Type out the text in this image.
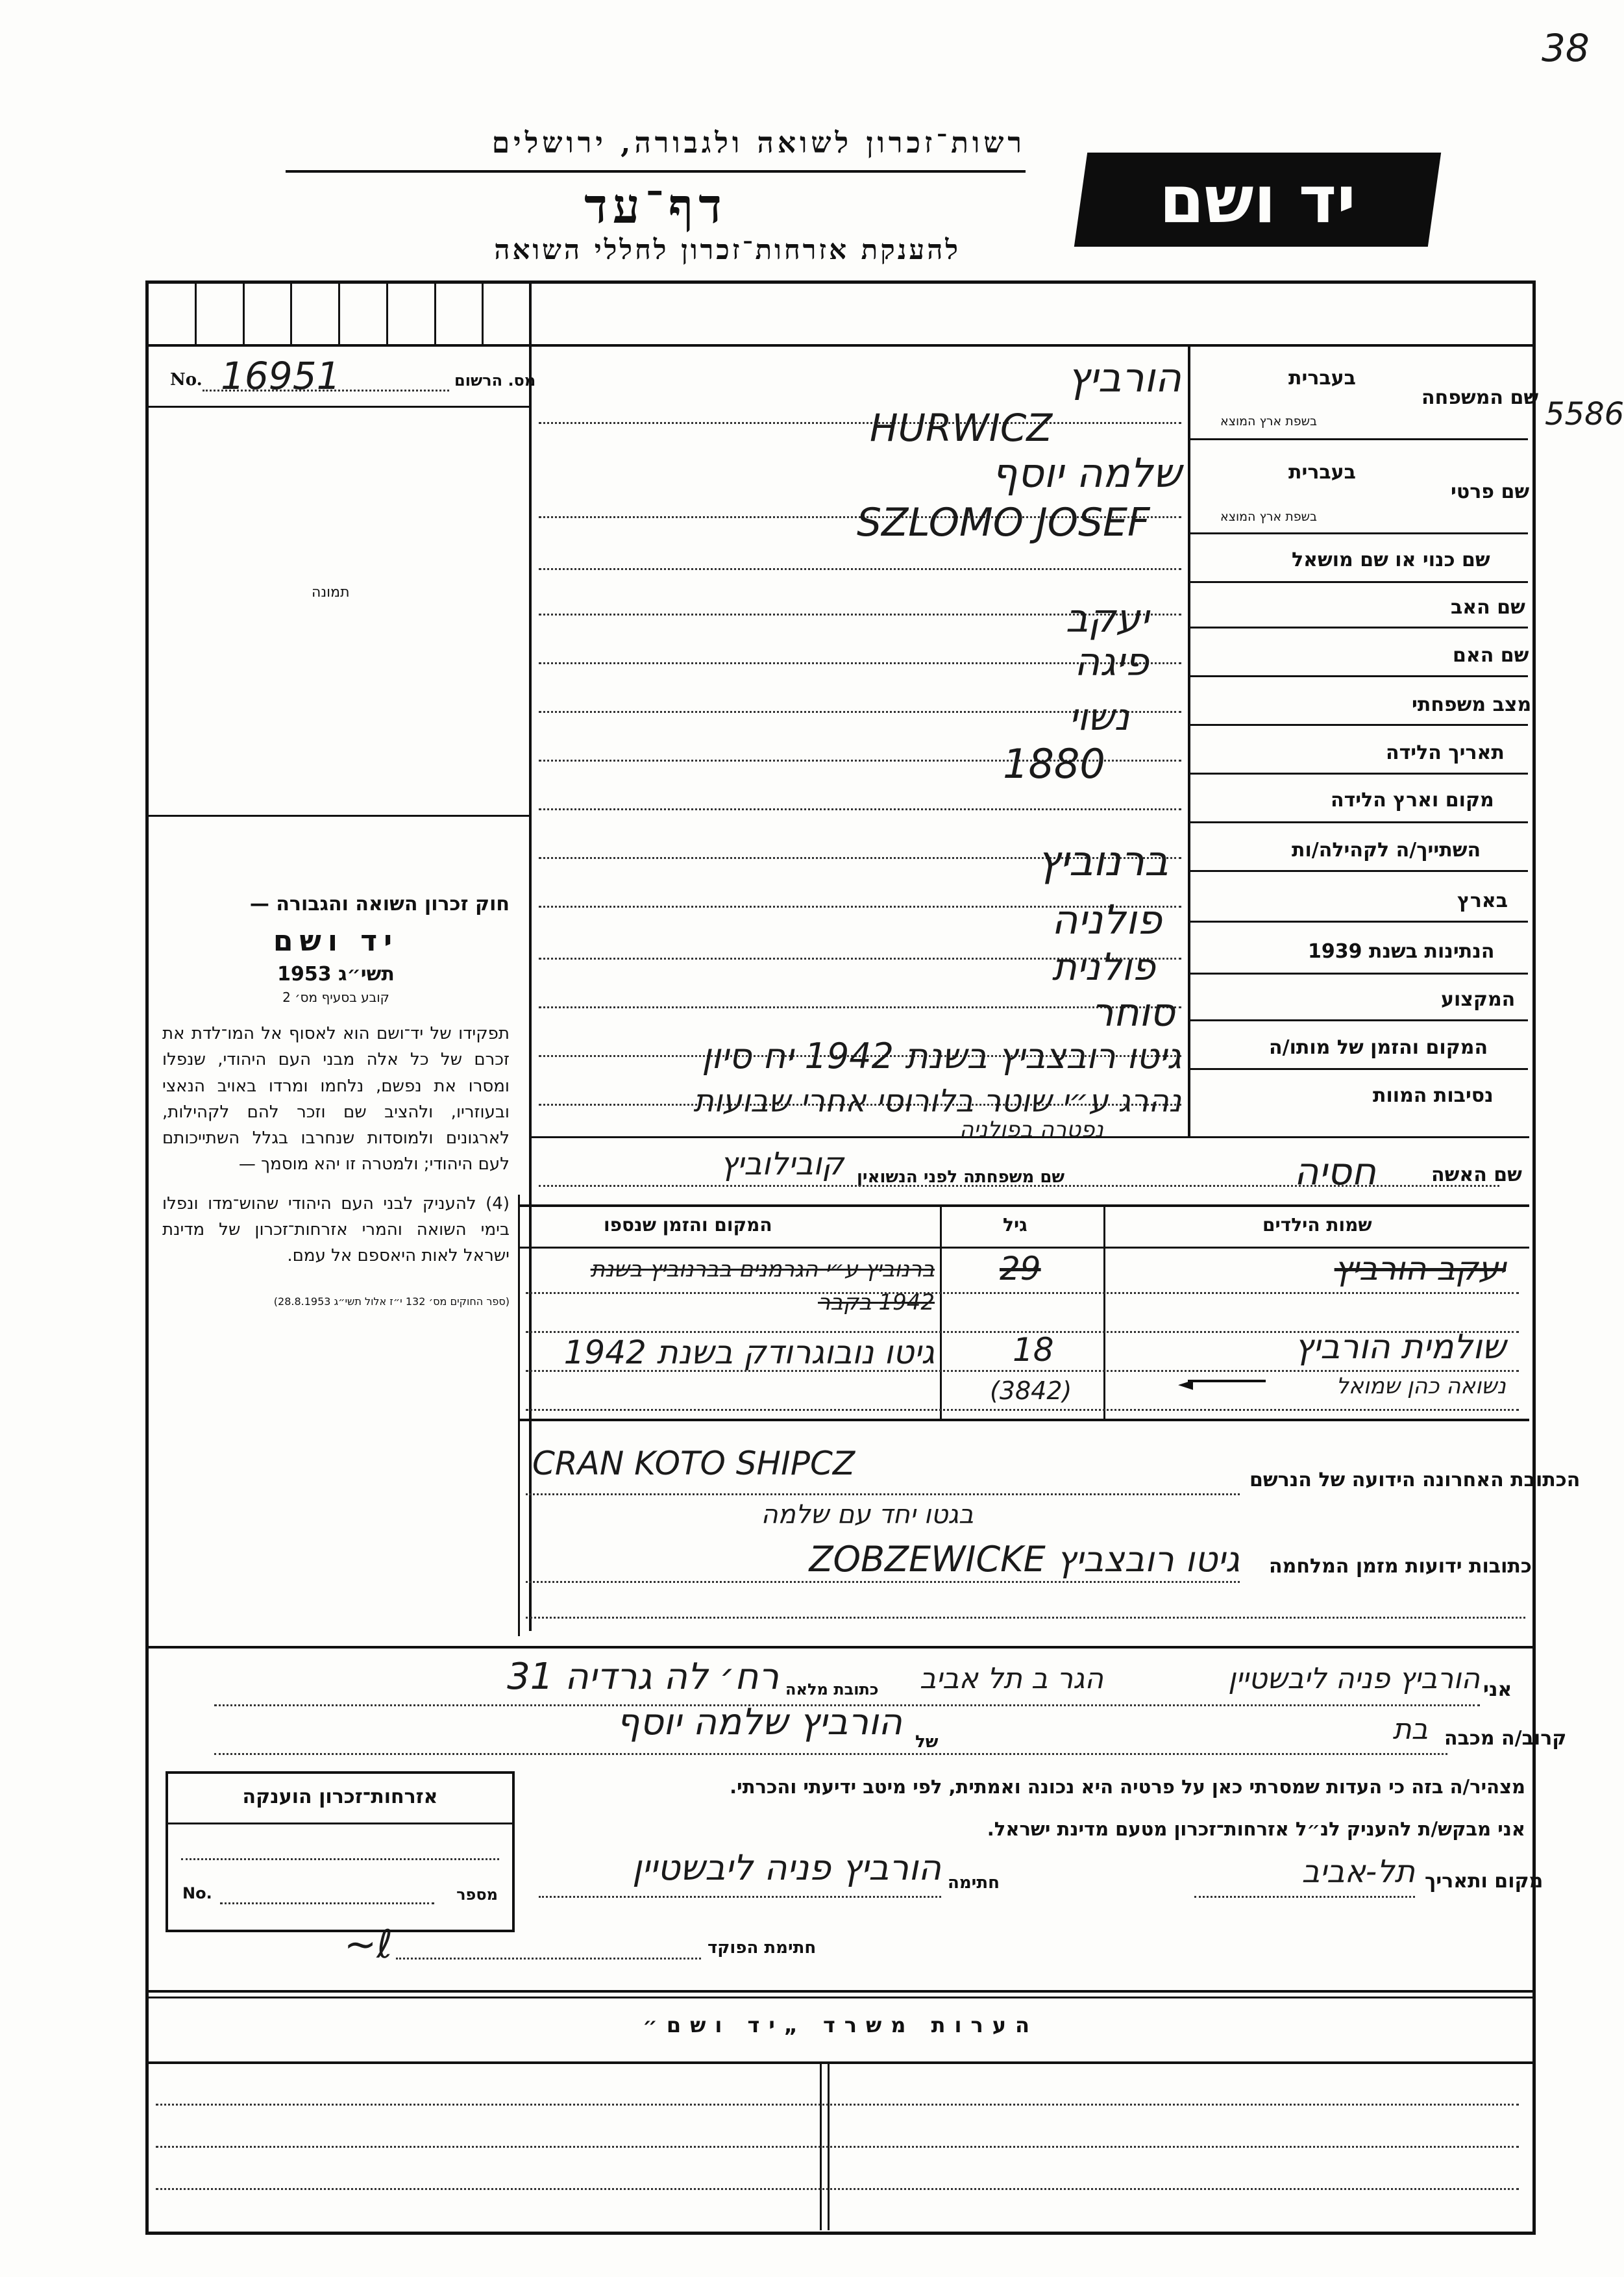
38
5586
רשות־זכרון לשואה ולגבורה, ירושלים
דף־עד
להענקת אזרחות־זכרון לחללי השואה
יד ושם
מס. הרשום
No. 16951
תמונה
חוק זכרון השואה והגבורה —
יד ושם
תשי״ג 1953
קובע בסעיף מס׳ 2
תפקידו של יד־ושם הוא לאסוף אל המו־לדת את זכרם של כל אלה מבני העם היהודי, שנפלו ומסרו את נפשם, נלחמו ומרדו באויב הנאצי ובעוזריו, ולהציב שם וזכר להם לקהילות, לארגונים ולמוסדות שנחרבו בגלל השתייכותם לעם היהודי; ולמטרה זו יהא מוסמך —
(4) להעניק לבני העם היהודי שהוש־מדו ונפלו בימי השואה והמרי אזרחות־זכרון של מדינת ישראל לאות היאספם אל עמם.
(ספר החוקים מס׳ 132 י״ז אלול תשי״ג 28.8.1953)
בעברית
שם המשפחה
בשפת ארץ המוצא
בעברית
שם פרטי
בשפת ארץ המוצא
שם כנוי או שם מושאל
שם האב
שם האם
מצב משפחתי
תאריך הלידה
מקום וארץ הלידה
השתייך/ה לקהילה/ות
בארץ
הנתינות בשנת 1939
המקצוע
המקום והזמן של מותו/ה
נסיבות המוות
הורביץ
HURWICZ
שלמה יוסף
SZLOMO JOSEF
יעקב
פיגה
נשוי
1880
ברנוביץ
פולניה
פולנית
סוחר
גיטו רובצביץ בשנת 1942 יח סיון
נהרג ע״י שוטר בלורוסי אחרי שבועות
נפטרה בפולניה
שם האשה
חסיה
שם משפחתה לפני הנשואין
קובילוביץ
שמות הילדים
גיל
המקום והזמן שנספו
יעקב הורביץ
29
ברנוביץ ע״י הגרמנים בברנוביץ בשנת 1942 בקבר
שולמית הורביץ
נשואה כהן שמואל
18
(3842)
גיטו נובוגרודק בשנת 1942
◄
הכתובת האחרונה הידועה של הנרשם
CRAN KOTO SHIPCZ
בגטו יחד עם שלמה
כתובות ידועות מזמן המלחמה
גיטו רובצביץ ZOBZEWICKE
אני
הורביץ פניה ליבשטיין
הגר ב תל אביב
כתובת מלאה
רח׳ לה גרדיה 31
קרוב/ה מכבה
בת
של
הורביץ שלמה יוסף
מצהיר/ה בזה כי העדות שמסרתי כאן על פרטיה היא נכונה ואמתית, לפי מיטב ידיעתי והכרתי.
אני מבקש/ת להעניק לנ״ל אזרחות־זכרון מטעם מדינת ישראל.
מקום ותאריך
תל-אביב
חתימה
הורביץ פניה ליבשטיין
∼ℓ	חתימת הפוקד
אזרחות־זכרון הוענקה
No.	מספר
הערות משרד „יד ושם״
